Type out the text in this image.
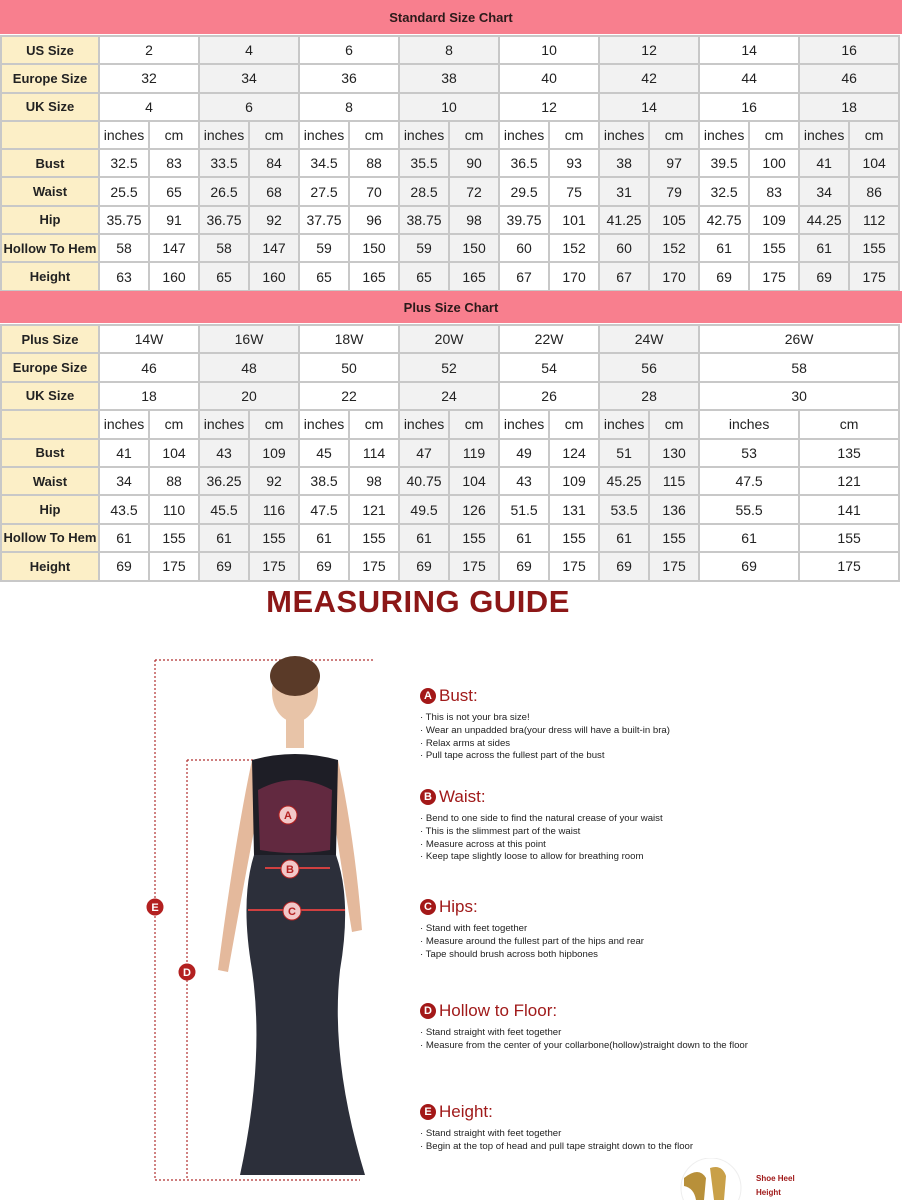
Standard Size Chart
US Size	2		4		6		8		10		12		14		16	
Europe Size	32		34		36		38		40		42		44		46	
UK Size	4		6		8		10		12		14		16		18	
	inches	cm	inches	cm	inches	cm	inches	cm	inches	cm	inches	cm	inches	cm	inches	cm
Bust	32.5	83	33.5	84	34.5	88	35.5	90	36.5	93	38	97	39.5	100	41	104
Waist	25.5	65	26.5	68	27.5	70	28.5	72	29.5	75	31	79	32.5	83	34	86
Hip	35.75	91	36.75	92	37.75	96	38.75	98	39.75	101	41.25	105	42.75	109	44.25	112
Hollow To Hem	58	147	58	147	59	150	59	150	60	152	60	152	61	155	61	155
Height	63	160	65	160	65	165	65	165	67	170	67	170	69	175	69	175
Plus Size Chart
Plus Size	14W		16W		18W		20W		22W		24W		26W	
Europe Size	46		48		50		52		54		56		58	
UK Size	18		20		22		24		26		28		30	
	inches	cm	inches	cm	inches	cm	inches	cm	inches	cm	inches	cm	inches	cm
Bust	41	104	43	109	45	114	47	119	49	124	51	130	53	135
Waist	34	88	36.25	92	38.5	98	40.75	104	43	109	45.25	115	47.5	121
Hip	43.5	110	45.5	116	47.5	121	49.5	126	51.5	131	53.5	136	55.5	141
Hollow To Hem	61	155	61	155	61	155	61	155	61	155	61	155	61	155
Height	69	175	69	175	69	175	69	175	69	175	69	175	69	175
MEASURING GUIDE
A
B
C
D
E
A Bust:
· This is not your bra size!
· Wear an unpadded bra(your dress will have a built-in bra)
· Relax arms at sides
· Pull tape across the fullest part of the bust
B Waist:
· Bend to one side to find the natural crease of your waist
· This is the slimmest part of the waist
· Measure across at this point
· Keep tape slightly loose to allow for breathing room
C Hips:
· Stand with feet together
· Measure around the fullest part of the hips and rear
· Tape should brush across both hipbones
D Hollow to Floor:
· Stand straight with feet together
· Measure from the center of your collarbone(hollow)straight down to the floor
E Height:
· Stand straight with feet together
· Begin at the top of head and pull tape straight down to the floor
Shoe Heel
Height
